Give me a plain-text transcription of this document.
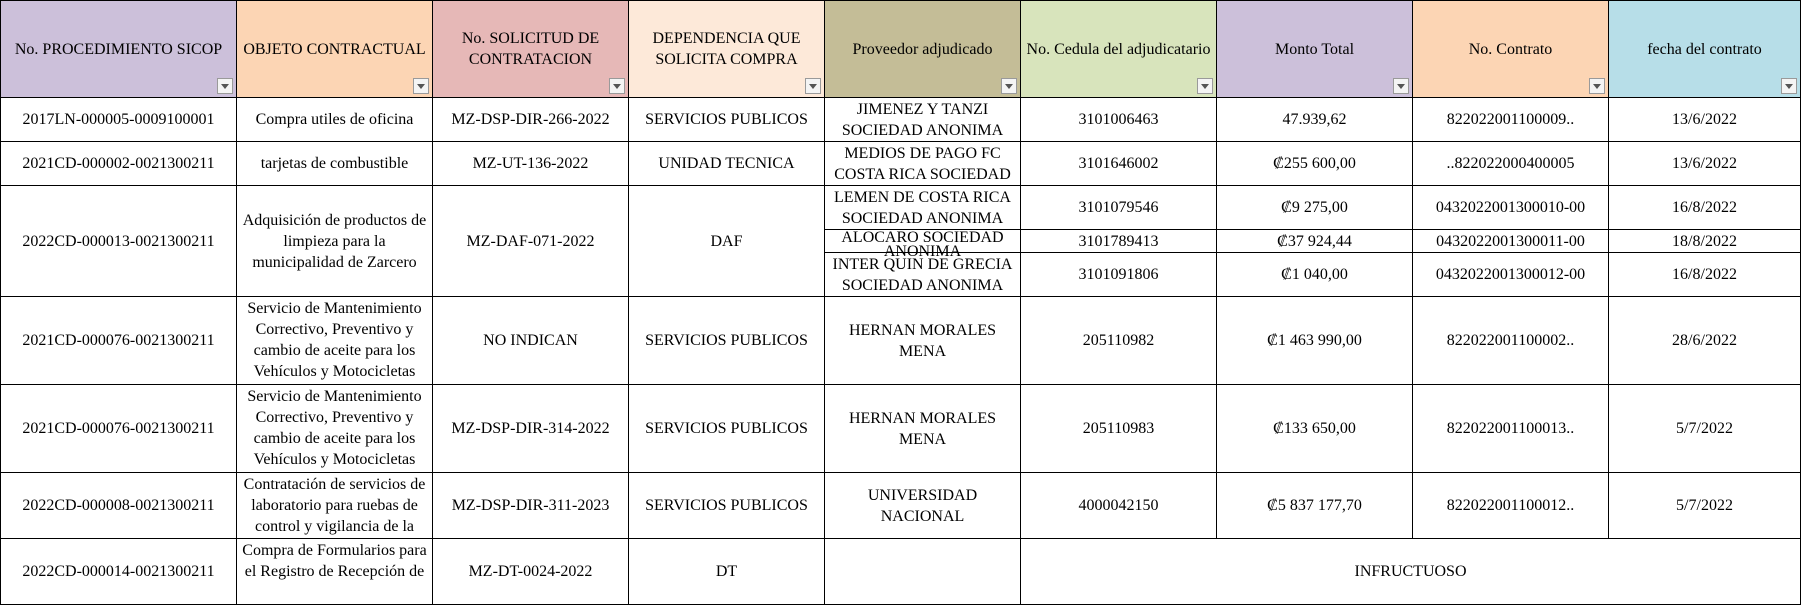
No. PROCEDIMIENTO SICOP	OBJETO CONTRACTUAL	No. SOLICITUD DE CONTRATACION	DEPENDENCIA QUE SOLICITA COMPRA	Proveedor adjudicado	No. Cedula del adjudicatario	Monto Total	No. Contrato	fecha del contrato

2017LN-000005-0009100001	Compra utiles de oficina	MZ-DSP-DIR-266-2022	SERVICIOS PUBLICOS	JIMENEZ Y TANZI SOCIEDAD ANONIMA	3101006463	47.939,62	822022001100009..	13/6/2022
2021CD-000002-0021300211	tarjetas de combustible	MZ-UT-136-2022	UNIDAD TECNICA	MEDIOS DE PAGO FC COSTA RICA SOCIEDAD	3101646002	₡255 600,00	..822022000400005	13/6/2022
2022CD-000013-0021300211	Adquisición de productos de limpieza para la municipalidad de Zarcero	MZ-DAF-071-2022	DAF	LEMEN DE COSTA RICA SOCIEDAD ANONIMA	3101079546	₡9 275,00	0432022001300010-00	16/8/2022

				ALOCARO SOCIEDAD ANONIMA	3101789413	₡37 924,44	0432022001300011-00	18/8/2022
				INTER QUIN DE GRECIA SOCIEDAD ANONIMA	3101091806	₡1 040,00	0432022001300012-00	16/8/2022
2021CD-000076-0021300211	Servicio de Mantenimiento Correctivo, Preventivo y cambio de aceite para los Vehículos y Motocicletas	NO INDICAN	SERVICIOS PUBLICOS	HERNAN MORALES MENA	205110982	₡1 463 990,00	822022001100002..	28/6/2022
2021CD-000076-0021300211	Servicio de Mantenimiento Correctivo, Preventivo y cambio de aceite para los Vehículos y Motocicletas	MZ-DSP-DIR-314-2022	SERVICIOS PUBLICOS	HERNAN MORALES MENA	205110983	₡133 650,00	822022001100013..	5/7/2022
2022CD-000008-0021300211	Contratación de servicios de laboratorio para ruebas de control y vigilancia de la	MZ-DSP-DIR-311-2023	SERVICIOS PUBLICOS	UNIVERSIDAD NACIONAL	4000042150	₡5 837 177,70	822022001100012..	5/7/2022
2022CD-000014-0021300211	Compra de Formularios para el Registro de Recepción de	MZ-DT-0024-2022	DT		INFRUCTUOSO			
